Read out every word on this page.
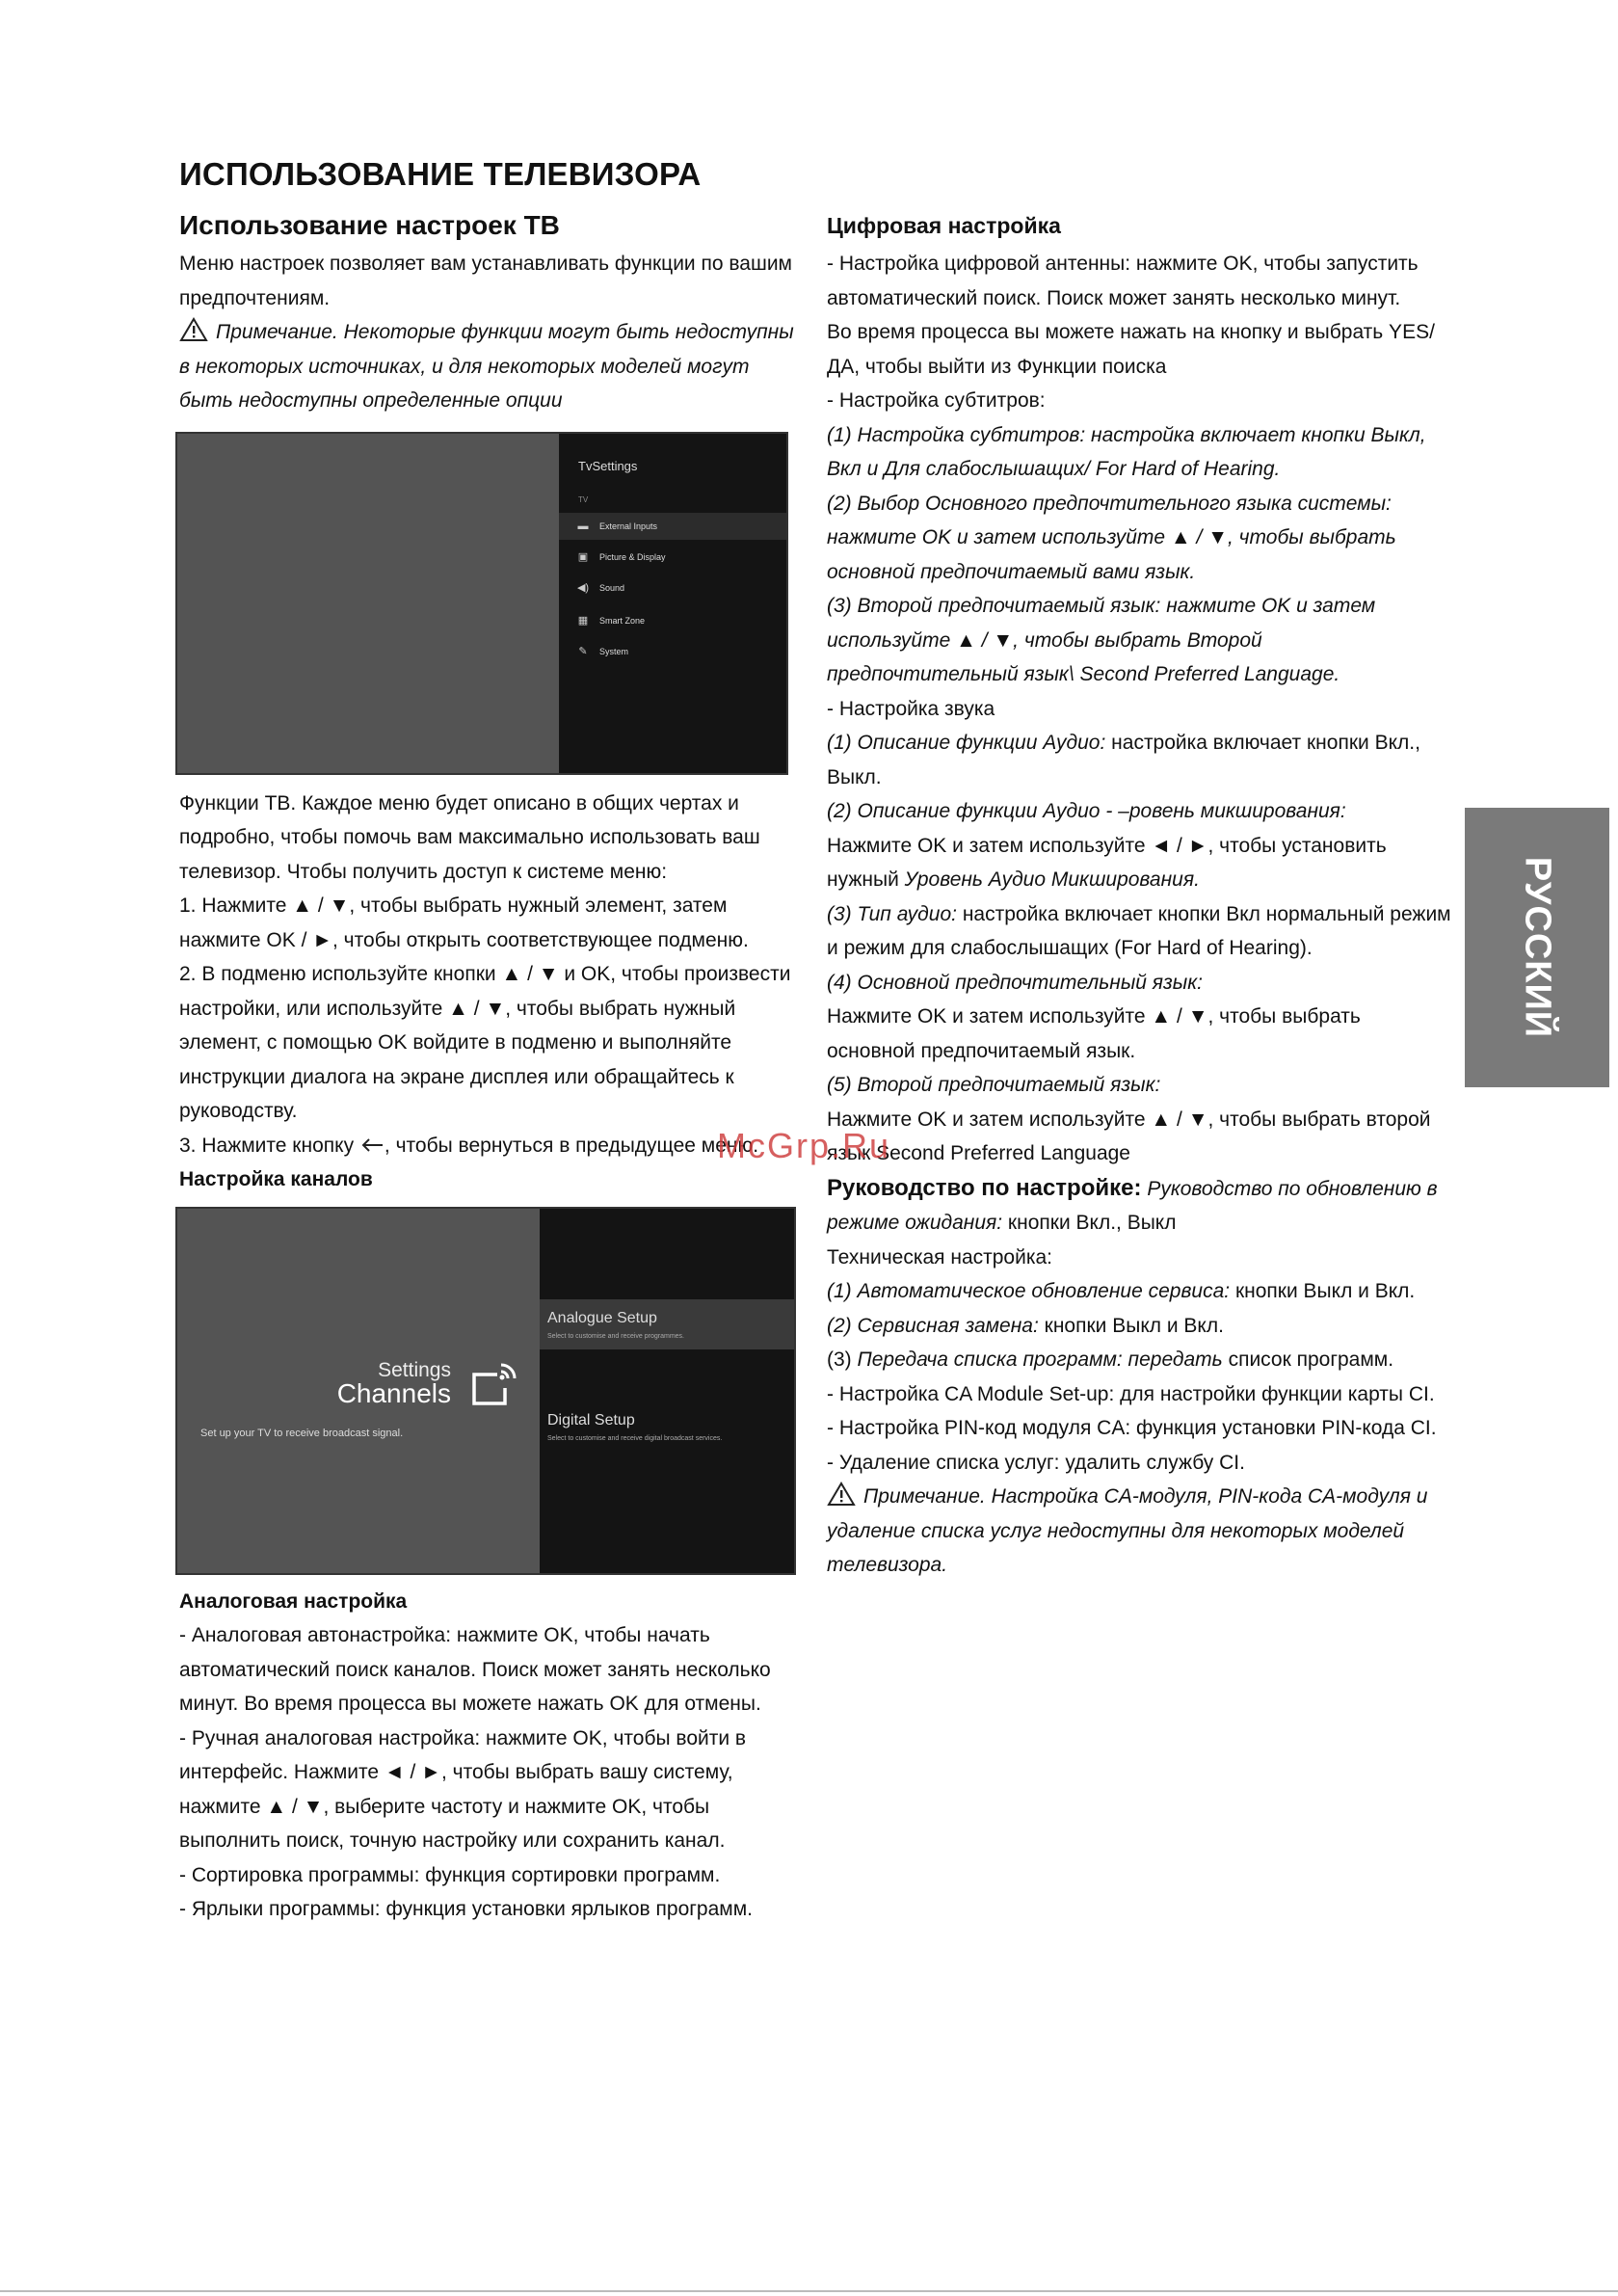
ИСПОЛЬЗОВАНИЕ ТЕЛЕВИЗОРА

Использование настроек ТВ

Меню настроек позволяет вам устанавливать функции по вашим предпочтениям.

Примечание. Некоторые функции могут быть недоступны в некоторых источниках, и для некоторых моделей могут быть недоступны определенные опции

TvSettings
TV
▬ External Inputs
▣ Picture & Display
◀) Sound
▦ Smart Zone
✎ System

Функции ТВ. Каждое меню будет описано в общих чертах и подробно, чтобы помочь вам максимально использовать ваш телевизор. Чтобы получить доступ к системе меню:

1. Нажмите ▲ / ▼, чтобы выбрать нужный элемент, затем нажмите OK / ►, чтобы открыть соответствующее подменю.

2. В подменю используйте кнопки ▲ / ▼ и OK, чтобы произвести настройки, или используйте ▲ / ▼, чтобы выбрать нужный элемент, с помощью OK войдите в подменю и выполняйте инструкции диалога на экране дисплея или обращайтесь к руководству.

3. Нажмите кнопку , чтобы вернуться в предыдущее меню.

Настройка каналов

Settings
Channels
Set up your TV to receive broadcast signal.
Analogue Setup
Select to customise and receive programmes.
Digital Setup
Select to customise and receive digital broadcast services.

Аналоговая настройка

- Аналоговая автонастройка: нажмите OK, чтобы начать автоматический поиск каналов. Поиск может занять несколько минут. Во время процесса вы можете нажать OK для отмены.

- Ручная аналоговая настройка: нажмите OK, чтобы войти в интерфейс. Нажмите ◄ / ►, чтобы выбрать вашу систему, нажмите ▲ / ▼, выберите частоту и нажмите OK, чтобы выполнить поиск, точную настройку или сохранить канал.

- Сортировка программы: функция сортировки программ.

- Ярлыки программы: функция установки ярлыков программ.

Цифровая настройка

- Настройка цифровой антенны: нажмите OK, чтобы запустить автоматический поиск. Поиск может занять несколько минут.

Во время процесса вы можете нажать на кнопку и выбрать YES/ ДА, чтобы выйти из Функции поиска

- Настройка субтитров:

(1) Настройка субтитров: настройка включает кнопки Выкл, Вкл и Для слабослышащих/ For Hard of Hearing.

(2) Выбор Основного предпочтительного языка системы: нажмите OK и затем используйте ▲ / ▼, чтобы выбрать основной предпочитаемый вами язык.

(3) Второй предпочитаемый язык: нажмите OK и затем используйте ▲ / ▼, чтобы выбрать Второй предпочтительный язык\ Second Preferred Language.

- Настройка звука

(1) Описание функции Аудио: настройка включает кнопки Вкл., Выкл.

(2) Описание функции Аудио - –ровень микширования:
Нажмите OK и затем используйте ◄ / ►, чтобы установить нужный Уровень Аудио Микширования.

(3) Тип аудио: настройка включает кнопки Вкл нормальный режим и режим для слабослышащих (For Hard of Hearing).

(4) Основной предпочтительный язык:
Нажмите OK и затем используйте ▲ / ▼, чтобы выбрать основной предпочитаемый язык.

(5) Второй предпочитаемый язык:
Нажмите OK и затем используйте ▲ / ▼, чтобы выбрать второй язык Second Preferred Language

Руководство по настройке: Руководство по обновлению в режиме ожидания: кнопки Вкл., Выкл

Техническая настройка:

(1) Автоматическое обновление сервиса: кнопки Выкл и Вкл.

(2) Сервисная замена: кнопки Выкл и Вкл.

(3) Передача списка программ: передать список программ.

- Настройка CA Module Set-up: для настройки функции карты CI.

- Настройка PIN-код модуля CA: функция установки PIN-кода CI.

- Удаление списка услуг: удалить службу CI.

Примечание. Настройка CA-модуля, PIN-кода CA-модуля и удаление списка услуг недоступны для некоторых моделей телевизора.

РУССКИЙ
McGrp.Ru
